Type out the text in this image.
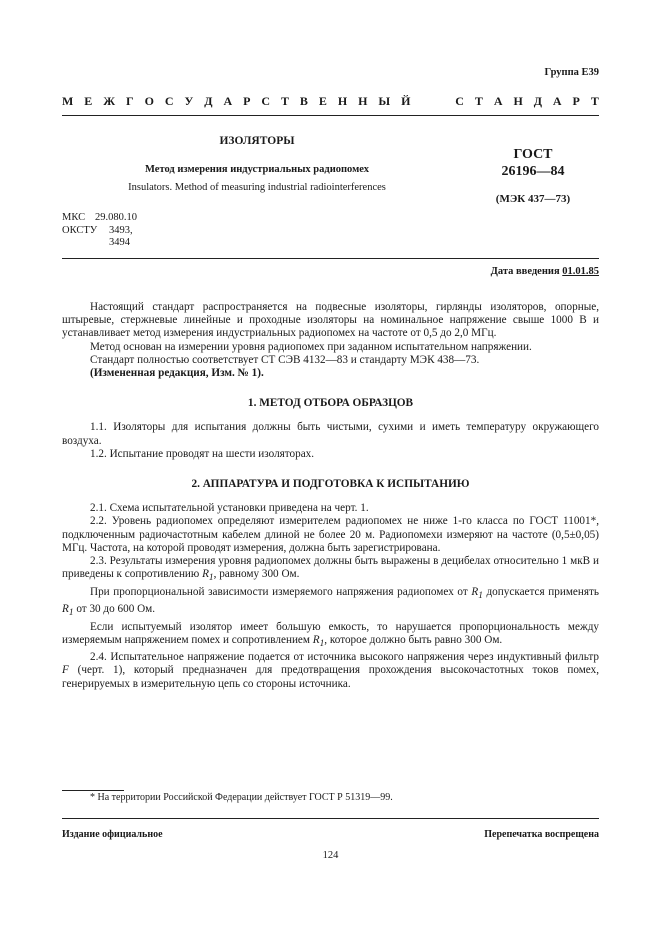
Группа Е39
М Е Ж Г О С У Д А Р С Т В Е Н Н Ы Й	С Т А Н Д А Р Т
ИЗОЛЯТОРЫ
Метод измерения индустриальных радиопомех
Insulators. Method of measuring industrial radiointerferences
ГОСТ
26196—84
(МЭК 437—73)
МКС 29.080.10
ОКСТУ	3493,
3494
Дата введения 01.01.85

Настоящий стандарт распространяется на подвесные изоляторы, гирлянды изоляторов, опорные, штыревые, стержневые линейные и проходные изоляторы на номинальное напряжение свыше 1000 В и устанавливает метод измерения индустриальных радиопомех на частоте от 0,5 до 2,0 МГц.

Метод основан на измерении уровня радиопомех при заданном испытательном напряжении.

Стандарт полностью соответствует СТ СЭВ 4132—83 и стандарту МЭК 438—73.

(Измененная редакция, Изм. № 1).

1. МЕТОД ОТБОРА ОБРАЗЦОВ

1.1. Изоляторы для испытания должны быть чистыми, сухими и иметь температуру окружающего воздуха.

1.2. Испытание проводят на шести изоляторах.

2. АППАРАТУРА И ПОДГОТОВКА К ИСПЫТАНИЮ

2.1. Схема испытательной установки приведена на черт. 1.

2.2. Уровень радиопомех определяют измерителем радиопомех не ниже 1-го класса по ГОСТ 11001*, подключенным радиочастотным кабелем длиной не более 20 м. Радиопомехи измеряют на частоте (0,5±0,05) МГц. Частота, на которой проводят измерения, должна быть зарегистрирована.

2.3. Результаты измерения уровня радиопомех должны быть выражены в децибелах относительно 1 мкВ и приведены к сопротивлению $R_1$, равному 300 Ом.

При пропорциональной зависимости измеряемого напряжения радиопомех от $R_1$ допускается применять $R_1$ от 30 до 600 Ом.

Если испытуемый изолятор имеет большую емкость, то нарушается пропорциональность между измеряемым напряжением помех и сопротивлением $R_1$, которое должно быть равно 300 Ом.

2.4. Испытательное напряжение подается от источника высокого напряжения через индуктивный фильтр F (черт. 1), который предназначен для предотвращения прохождения высокочастотных токов помех, генерируемых в измерительную цепь со стороны источника.

* На территории Российской Федерации действует ГОСТ Р 51319—99.
Издание официальное	Перепечатка воспрещена
124
